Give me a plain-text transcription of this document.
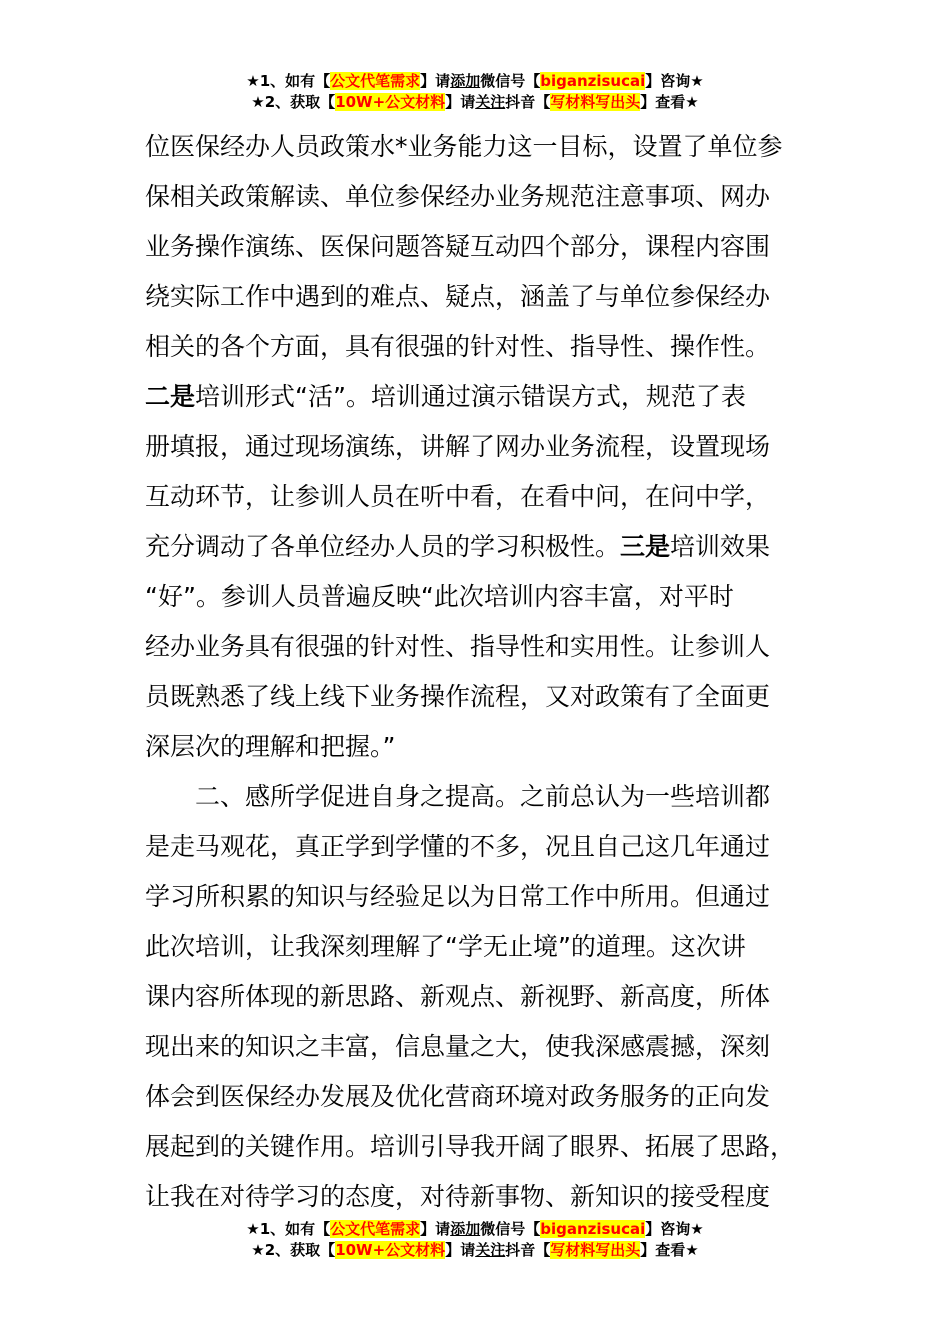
★1、如有【公文代笔需求】请添加微信号【biganzisucai】咨询★
★2、获取【10W+公文材料】请关注抖音【写材料写出头】查看★
位医保经办人员政策水*业务能力这一目标，设置了单位参
保相关政策解读、单位参保经办业务规范注意事项、网办
业务操作演练、医保问题答疑互动四个部分，课程内容围
绕实际工作中遇到的难点、疑点，涵盖了与单位参保经办
相关的各个方面，具有很强的针对性、指导性、操作性。
二是培训形式“活”。培训通过演示错误方式，规范了表
册填报，通过现场演练，讲解了网办业务流程，设置现场
互动环节，让参训人员在听中看，在看中问，在问中学，
充分调动了各单位经办人员的学习积极性。三是培训效果
“好”。参训人员普遍反映“此次培训内容丰富，对平时
经办业务具有很强的针对性、指导性和实用性。让参训人
员既熟悉了线上线下业务操作流程，又对政策有了全面更
深层次的理解和把握。”
二、感所学促进自身之提高。之前总认为一些培训都
是走马观花，真正学到学懂的不多，况且自己这几年通过
学习所积累的知识与经验足以为日常工作中所用。但通过
此次培训，让我深刻理解了“学无止境”的道理。这次讲
课内容所体现的新思路、新观点、新视野、新高度，所体
现出来的知识之丰富，信息量之大，使我深感震撼，深刻
体会到医保经办发展及优化营商环境对政务服务的正向发
展起到的关键作用。培训引导我开阔了眼界、拓展了思路，
让我在对待学习的态度，对待新事物、新知识的接受程度
★1、如有【公文代笔需求】请添加微信号【biganzisucai】咨询★
★2、获取【10W+公文材料】请关注抖音【写材料写出头】查看★
